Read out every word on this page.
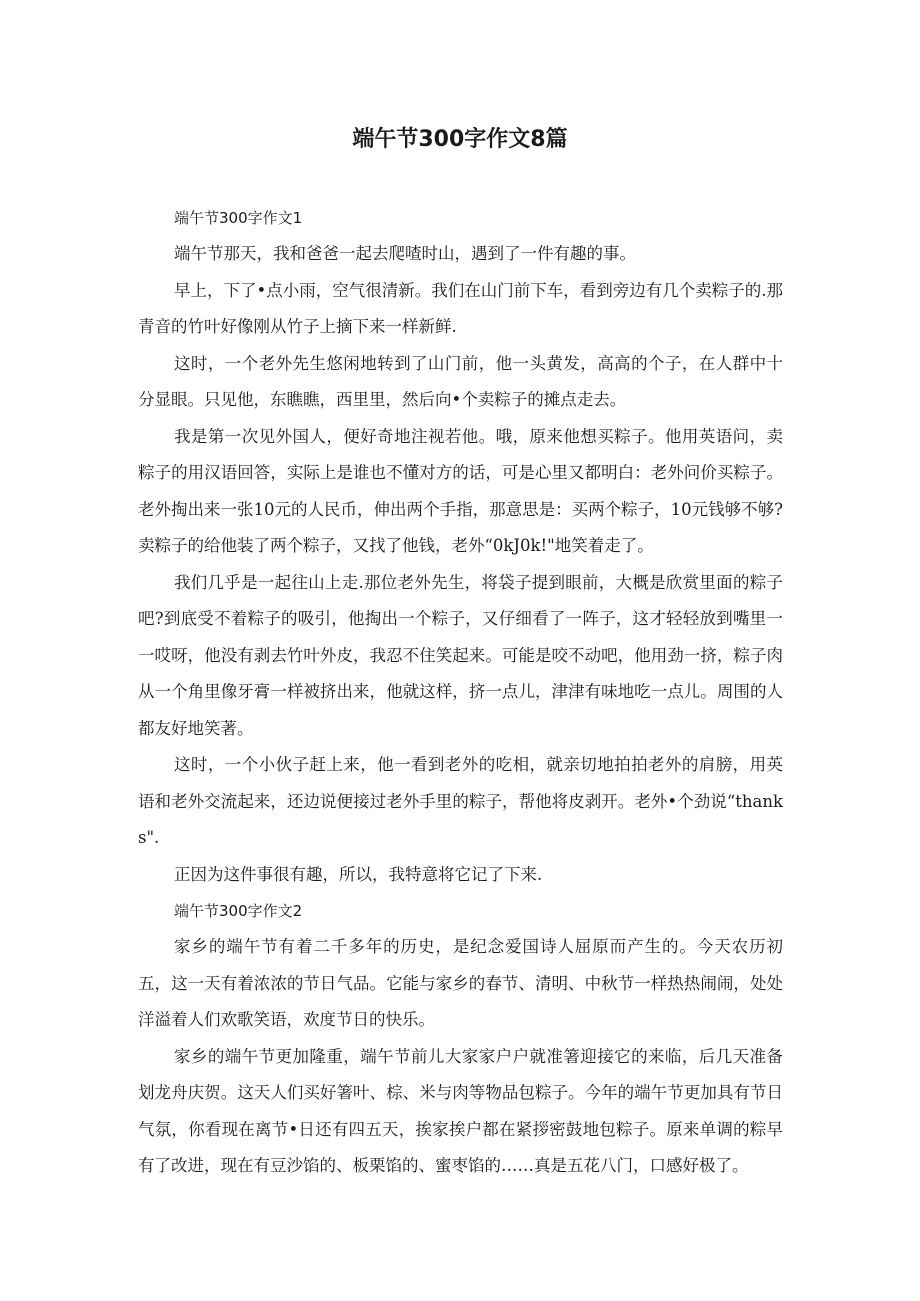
端午节300字作文8篇
端午节300字作文1

端午节那天，我和爸爸一起去爬喳时山，遇到了一件有趣的事。

早上，下了•点小雨，空气很清新。我们在山门前下车，看到旁边有几个卖粽子的.那青音的竹叶好像刚从竹子上摘下来一样新鲜.

这时，一个老外先生悠闲地转到了山门前，他一头黄发，高高的个子，在人群中十分显眼。只见他，东瞧瞧，西里里，然后向•个卖粽子的摊点走去。

我是第一次见外国人，便好奇地注视若他。哦，原来他想买粽子。他用英语问，卖粽子的用汉语回答，实际上是谁也不懂对方的话，可是心里又都明白：老外问价买粽子。老外掏出来一张10元的人民币，伸出两个手指，那意思是：买两个粽子，10元钱够不够?卖粽子的给他装了两个粽子，又找了他钱，老外“0kJ0k!"地笑着走了。

我们几乎是一起往山上走.那位老外先生，将袋子提到眼前，大概是欣赏里面的粽子吧?到底受不着粽子的吸引，他掏出一个粽子，又仔细看了一阵子，这才轻轻放到嘴里一一哎呀，他没有剥去竹叶外皮，我忍不住笑起来。可能是咬不动吧，他用劲一挤，粽子肉从一个角里像牙膏一样被挤出来，他就这样，挤一点儿，津津有味地吃一点儿。周围的人都友好地笑著。

这时，一个小伙子赶上来，他一看到老外的吃相，就亲切地拍拍老外的肩膀，用英语和老外交流起来，还边说便接过老外手里的粽子，帮他将皮剥开。老外•个劲说“thanks".

正因为这件事很有趣，所以，我特意将它记了下来.

端午节300字作文2

家乡的端午节有着二千多年的历史，是纪念爱国诗人屈原而产生的。今天农历初五，这一天有着浓浓的节日气品。它能与家乡的春节、清明、中秋节一样热热闹闹，处处洋溢着人们欢歌笑语，欢度节日的快乐。

家乡的端午节更加隆重，端午节前儿大家家户户就准箸迎接它的来临，后几天准备划龙舟庆贺。这天人们买好箸叶、棕、米与肉等物品包粽子。今年的端午节更加具有节日气氛，你看现在离节•日还有四五天，挨家挨户都在紧拶密鼓地包粽子。原来单调的粽早有了改进，现在有豆沙馅的、板栗馅的、蜜枣馅的……真是五花八门，口感好极了。
